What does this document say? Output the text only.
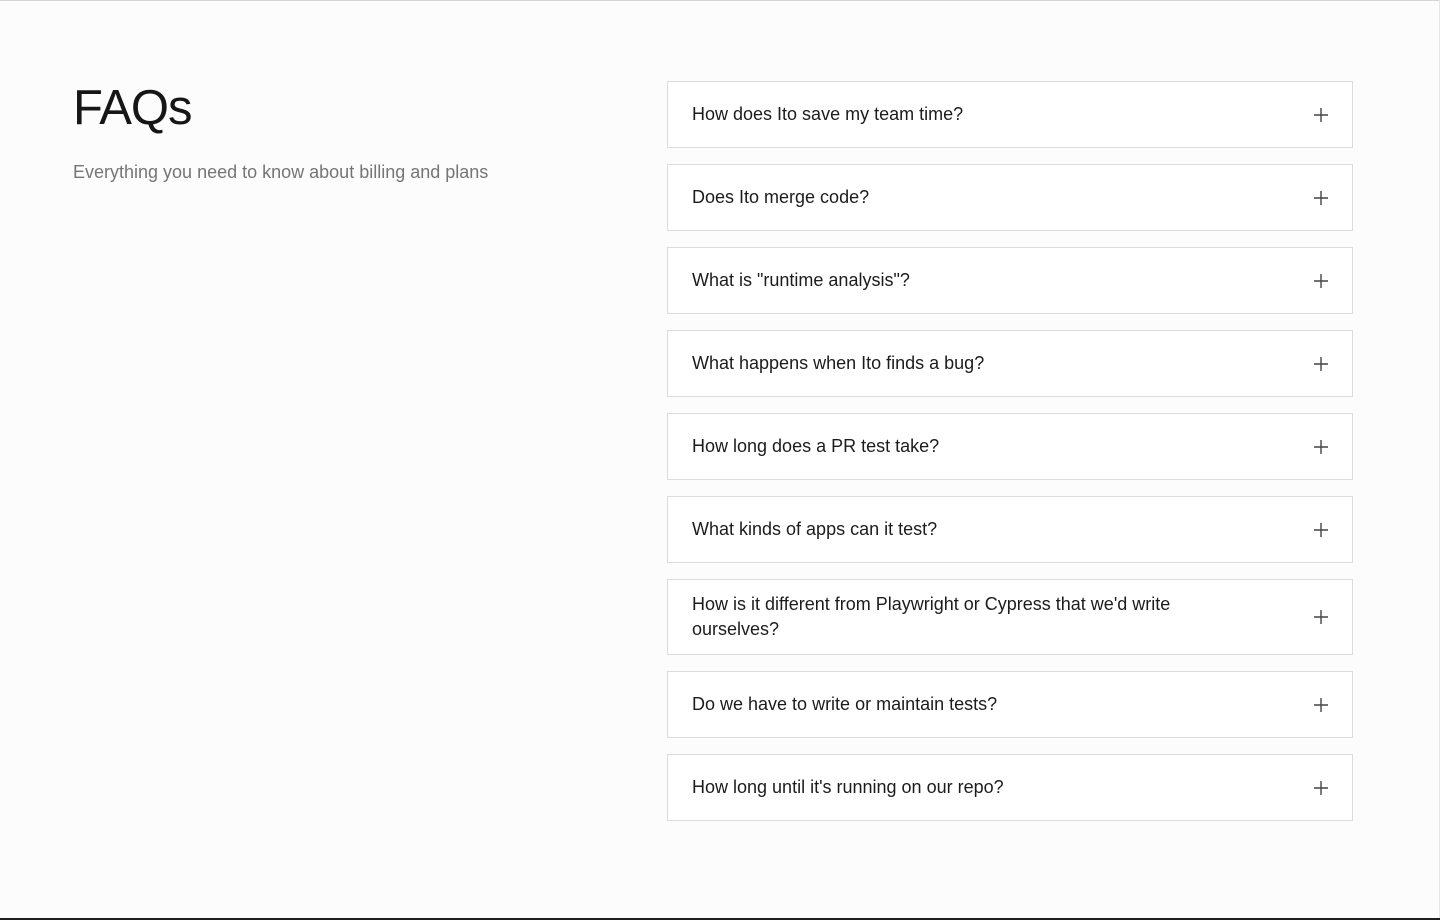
FAQs

Everything you need to know about billing and plans

How does Ito save my team time?
Does Ito merge code?
What is "runtime analysis"?
What happens when Ito finds a bug?
How long does a PR test take?
What kinds of apps can it test?
How is it different from Playwright or Cypress that we'd write ourselves?
Do we have to write or maintain tests?
How long until it's running on our repo?
